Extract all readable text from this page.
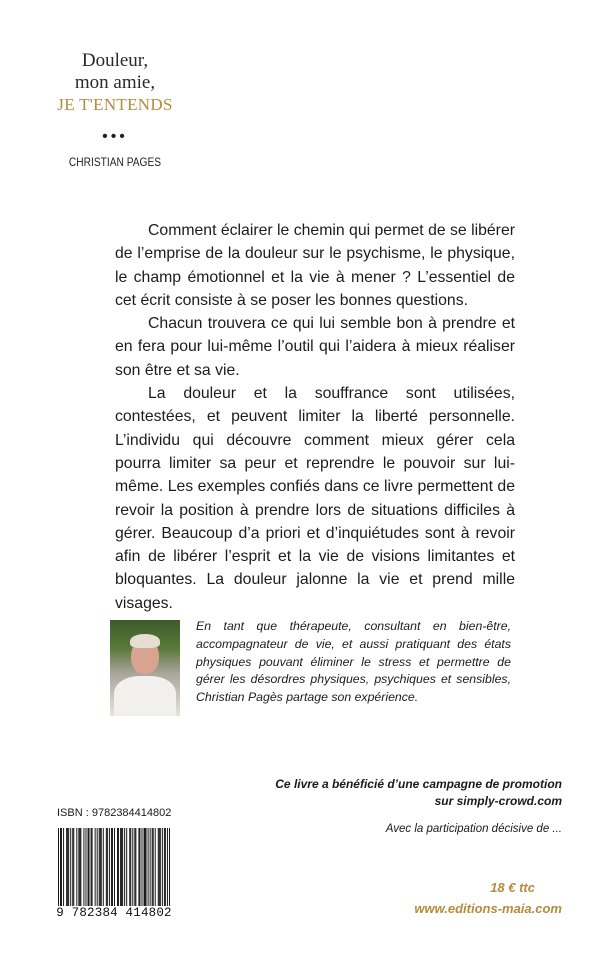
Douleur,
mon amie,
JE T'ENTENDS
•••
CHRISTIAN PAGES

Comment éclairer le chemin qui permet de se libérer de l’emprise de la douleur sur le psychisme, le physique, le champ émotionnel et la vie à mener ? L’essentiel de cet écrit consiste à se poser les bonnes questions.

Chacun trouvera ce qui lui semble bon à prendre et en fera pour lui-même l’outil qui l’aidera à mieux réaliser son être et sa vie.

La douleur et la souffrance sont utilisées, contestées, et peuvent limiter la liberté personnelle. L’individu qui découvre comment mieux gérer cela pourra limiter sa peur et reprendre le pouvoir sur lui-même. Les exemples confiés dans ce livre permettent de revoir la position à prendre lors de situations difficiles à gérer. Beaucoup d’a priori et d’inquiétudes sont à revoir afin de libérer l’esprit et la vie de visions limitantes et bloquantes. La douleur jalonne la vie et prend mille visages.

En tant que thérapeute, consultant en bien-être, accompagnateur de vie, et aussi pratiquant des états physiques pouvant éliminer le stress et permettre de gérer les désordres physiques, psychiques et sensibles, Christian Pagès partage son expérience.
Ce livre a bénéficié d’une campagne de promotion
sur simply-crowd.com
Avec la participation décisive de ...
ISBN : 9782384414802
9 782384 414802
18 € ttc
www.editions-maia.com
